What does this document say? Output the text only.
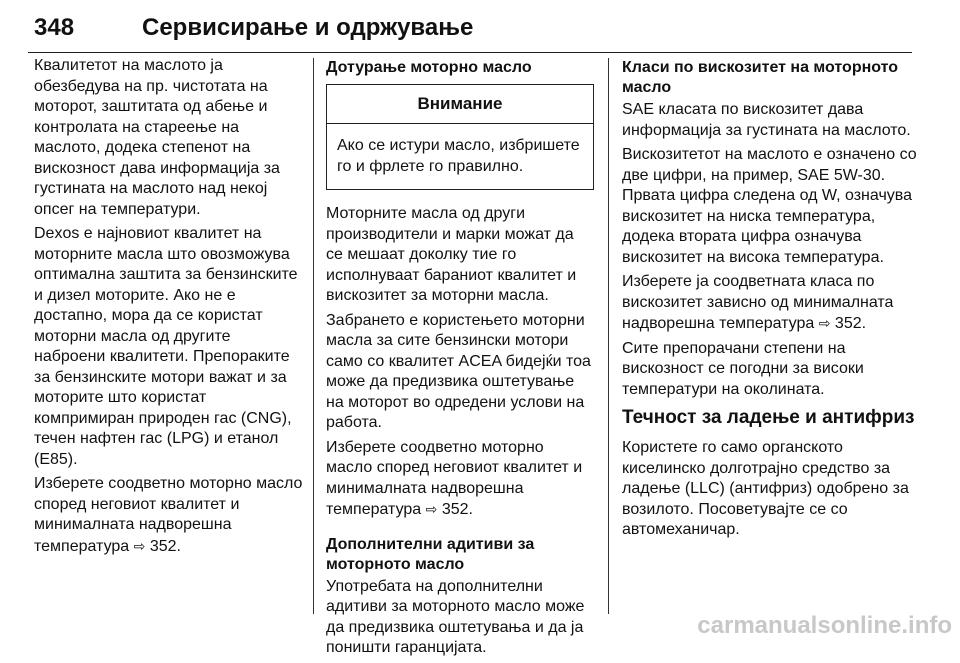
348	Сервисирање и одржување

Квалитетот на маслото ја обезбедува на пр. чистотата на моторот, заштитата од абење и контролата на стареење на маслото, додека степенот на вискозност дава информација за густината на маслото над некој опсег на температури.

Dexos е најновиот квалитет на моторните масла што овозможува оптимална заштита за бензинските и дизел моторите. Ако не е достапно, мора да се користат моторни масла од другите наброени квалитети. Препораките за бензинските мотори важат и за моторите што користат компримиран природен гас (CNG), течен нафтен гас (LPG) и етанол (E85).

Изберете соодветно моторно масло според неговиот квалитет и минималната надворешна температура ⇨ 352.

Дотурање моторно масло
Внимание
Ако се истури масло, избришете го и фрлете го правилно.

Моторните масла од други производители и марки можат да се мешаат доколку тие го исполнуваат бараниот квалитет и вискозитет за моторни масла.

Забрането е користењето моторни масла за сите бензински мотори само со квалитет ACEA бидејќи тоа може да предизвика оштетување на моторот во одредени услови на работа.

Изберете соодветно моторно масло според неговиот квалитет и минималната надворешна температура ⇨ 352.

Дополнителни адитиви за моторното масло

Употребата на дополнителни адитиви за моторното масло може да предизвика оштетувања и да ја поништи гаранцијата.

Класи по вискозитет на моторното масло

SAE класата по вискозитет дава информација за густината на маслото.

Вискозитетот на маслото е означено со две цифри, на пример, SAE 5W-30. Првата цифра следена од W, означува вискозитет на ниска температура, додека втората цифра означува вискозитет на висока температура.

Изберете ја соодветната класа по вискозитет зависно од минималната надворешна температура ⇨ 352.

Сите препорачани степени на вискозност се погодни за високи температури на околината.

Течност за ладење и антифриз

Користете го само органското киселинско долготрајно средство за ладење (LLC) (антифриз) одобрено за возилото. Посоветувајте се со автомеханичар.

carmanualsonline.info
